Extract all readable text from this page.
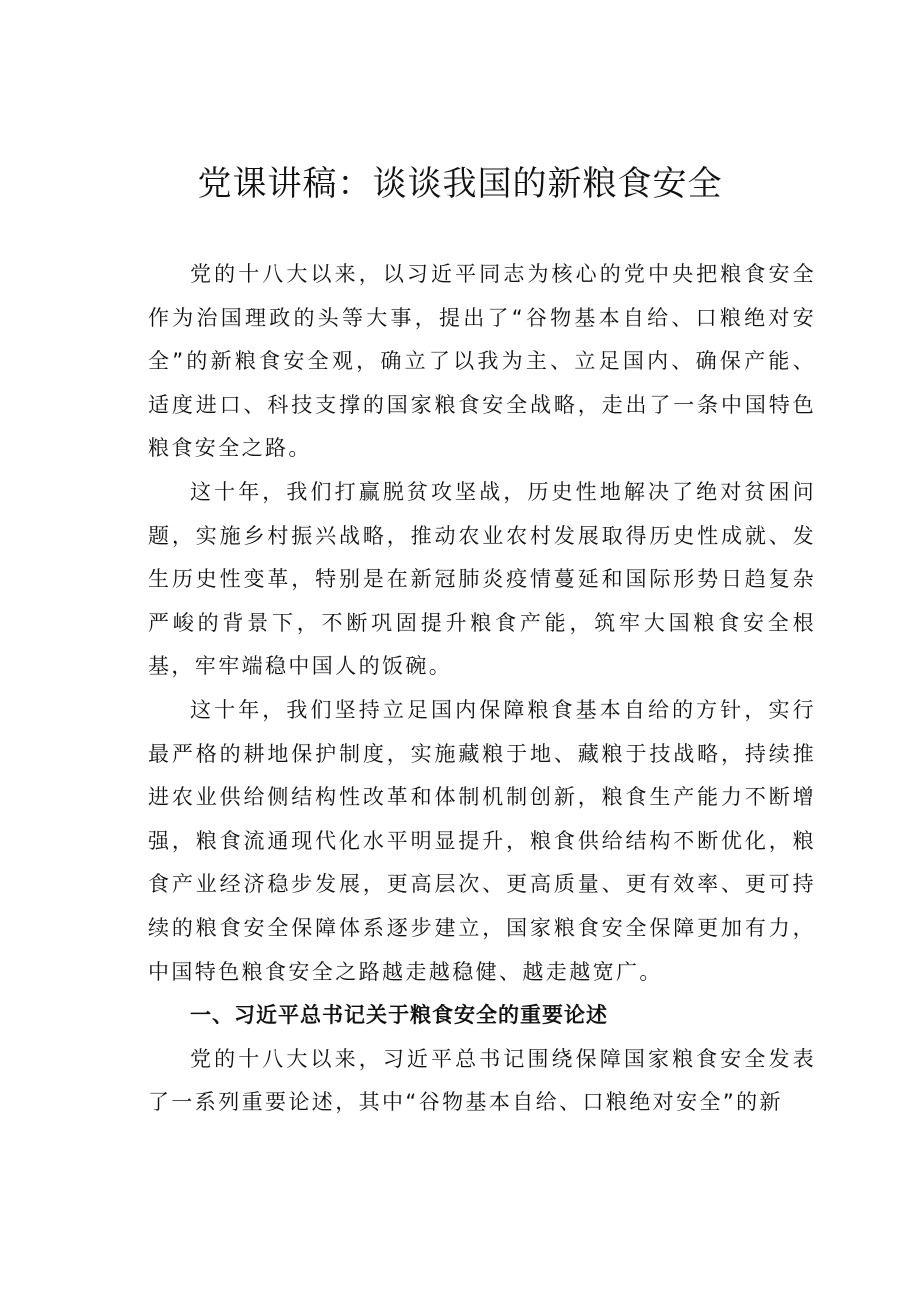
党课讲稿：谈谈我国的新粮食安全

党的十八大以来，以习近平同志为核心的党中央把粮食安全作为治国理政的头等大事，提出了“谷物基本自给、口粮绝对安全”的新粮食安全观，确立了以我为主、立足国内、确保产能、适度进口、科技支撑的国家粮食安全战略，走出了一条中国特色粮食安全之路。

这十年，我们打赢脱贫攻坚战，历史性地解决了绝对贫困问题，实施乡村振兴战略，推动农业农村发展取得历史性成就、发生历史性变革，特别是在新冠肺炎疫情蔓延和国际形势日趋复杂严峻的背景下，不断巩固提升粮食产能，筑牢大国粮食安全根基，牢牢端稳中国人的饭碗。

这十年，我们坚持立足国内保障粮食基本自给的方针，实行最严格的耕地保护制度，实施藏粮于地、藏粮于技战略，持续推进农业供给侧结构性改革和体制机制创新，粮食生产能力不断增强，粮食流通现代化水平明显提升，粮食供给结构不断优化，粮食产业经济稳步发展，更高层次、更高质量、更有效率、更可持续的粮食安全保障体系逐步建立，国家粮食安全保障更加有力，中国特色粮食安全之路越走越稳健、越走越宽广。

一、习近平总书记关于粮食安全的重要论述

党的十八大以来，习近平总书记围绕保障国家粮食安全发表了一系列重要论述，其中“谷物基本自给、口粮绝对安全”的新
